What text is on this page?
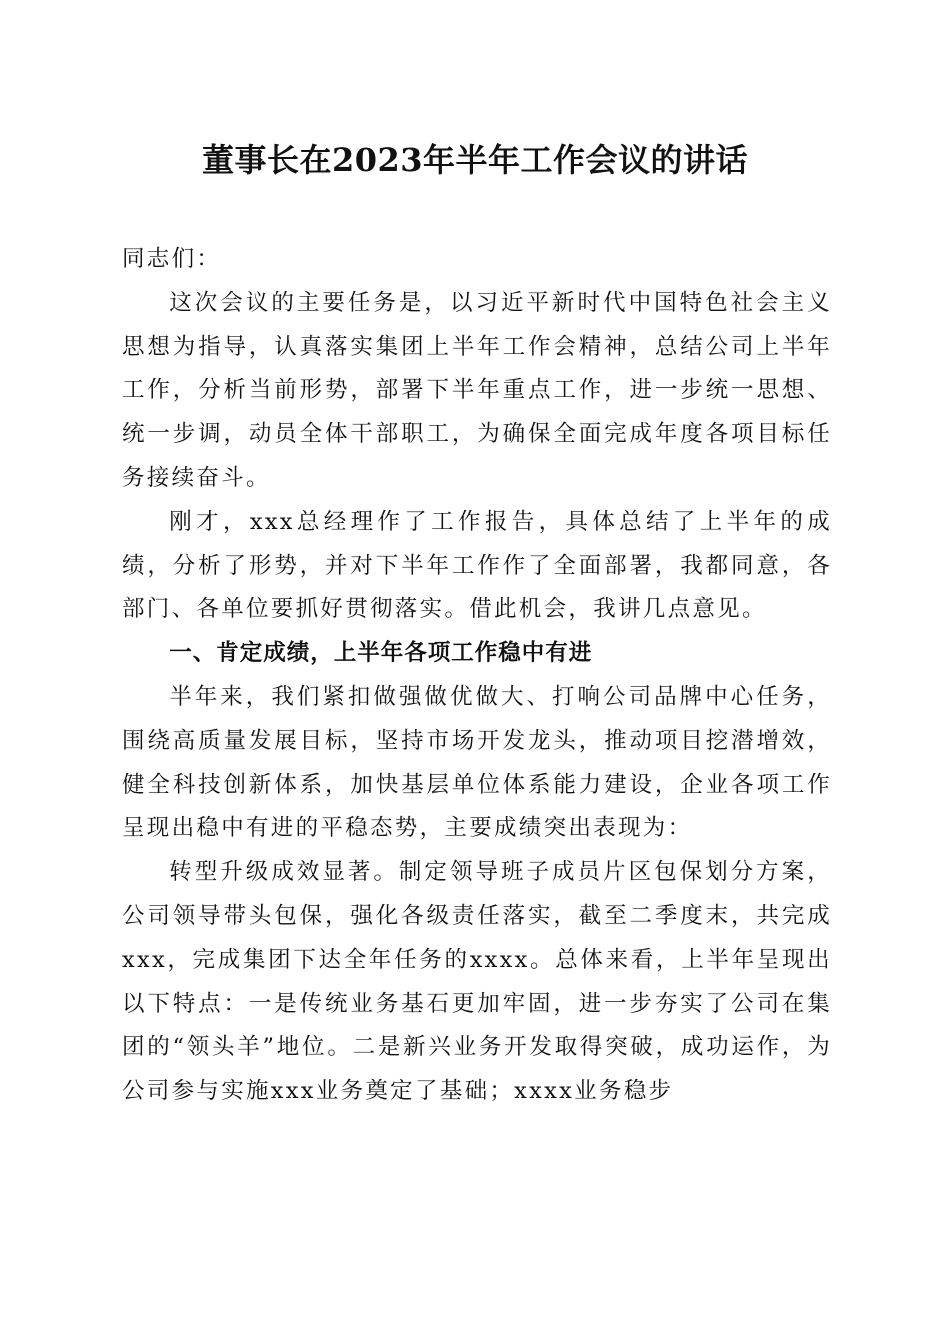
董事长在2023年半年工作会议的讲话

同志们：

这次会议的主要任务是，以习近平新时代中国特色社会主义思想为指导，认真落实集团上半年工作会精神，总结公司上半年工作，分析当前形势，部署下半年重点工作，进一步统一思想、统一步调，动员全体干部职工，为确保全面完成年度各项目标任务接续奋斗。

刚才，xxx总经理作了工作报告，具体总结了上半年的成绩，分析了形势，并对下半年工作作了全面部署，我都同意，各部门、各单位要抓好贯彻落实。借此机会，我讲几点意见。

一、肯定成绩，上半年各项工作稳中有进

半年来，我们紧扣做强做优做大、打响公司品牌中心任务，围绕高质量发展目标，坚持市场开发龙头，推动项目挖潜增效，健全科技创新体系，加快基层单位体系能力建设，企业各项工作呈现出稳中有进的平稳态势，主要成绩突出表现为：

转型升级成效显著。制定领导班子成员片区包保划分方案，公司领导带头包保，强化各级责任落实，截至二季度末，共完成xxx，完成集团下达全年任务的xxxx。总体来看，上半年呈现出以下特点：一是传统业务基石更加牢固，进一步夯实了公司在集团的“领头羊”地位。二是新兴业务开发取得突破，成功运作，为公司参与实施xxx业务奠定了基础；xxxx业务稳步
